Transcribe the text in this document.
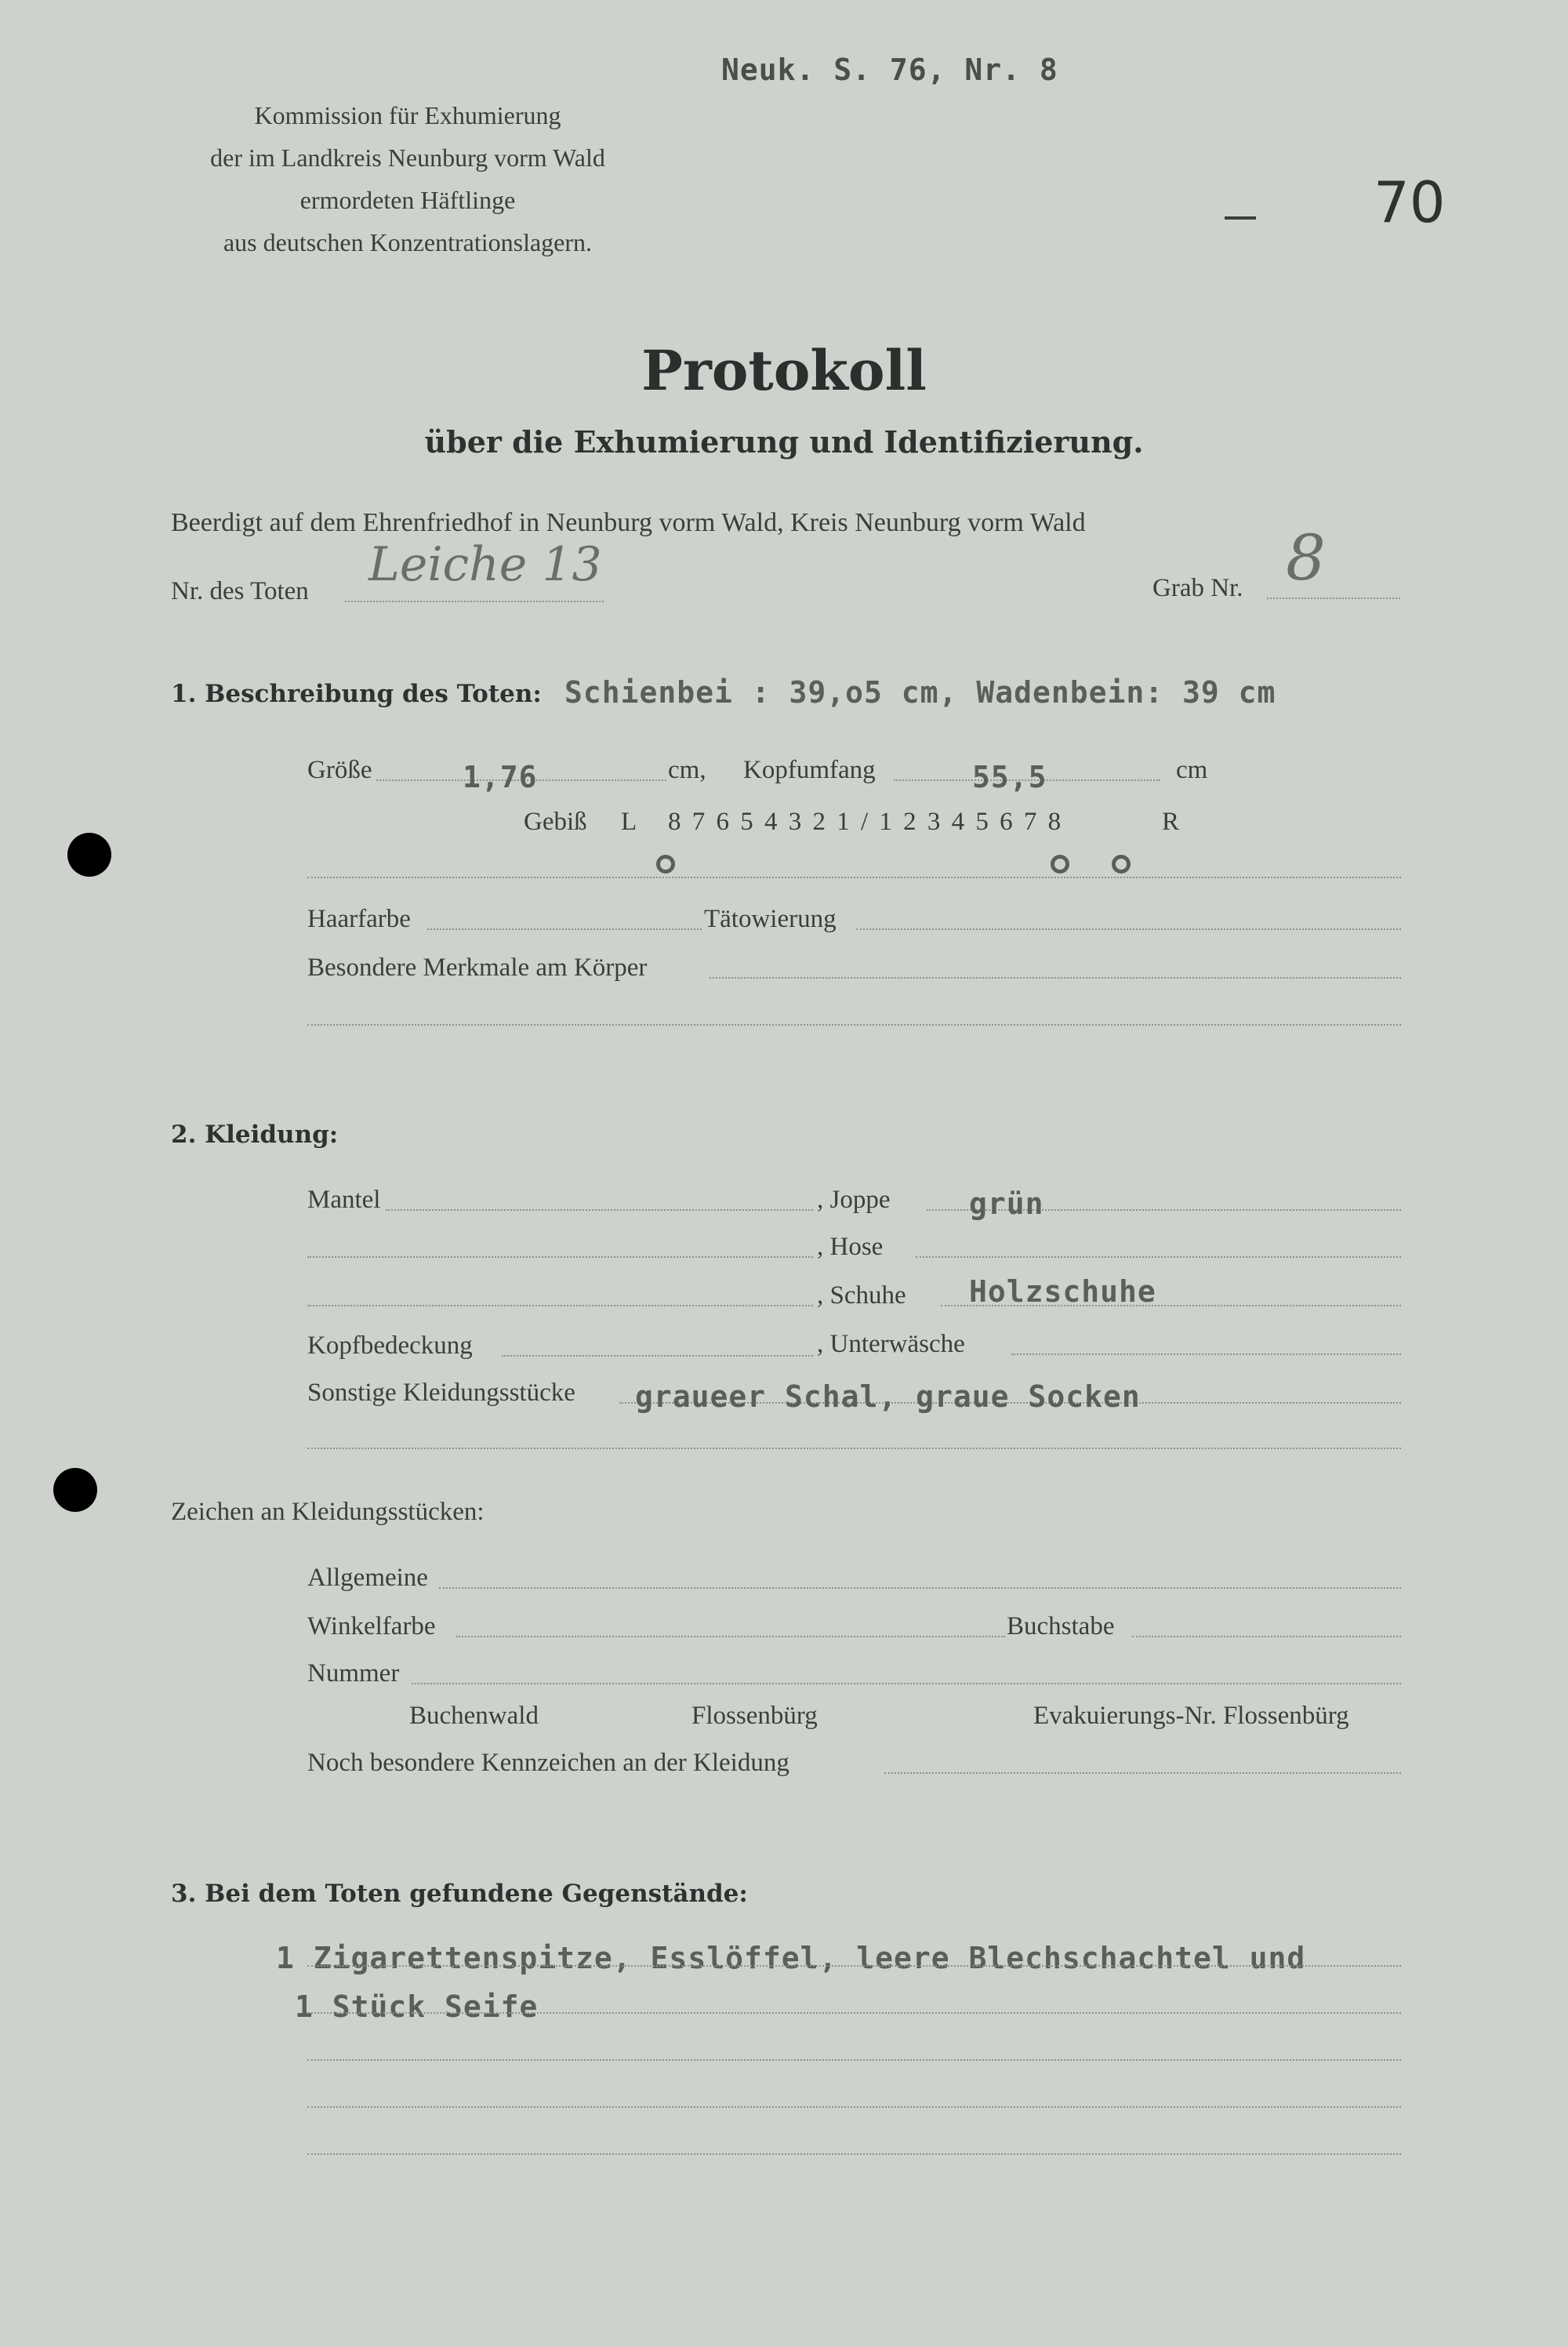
Neuk. S. 76, Nr. 8
Kommission für Exhumierung
der im Landkreis Neunburg vorm Wald
ermordeten Häftlinge
aus deutschen Konzentrationslagern.
70
Protokoll
über die Exhumierung und Identifizierung.
Beerdigt auf dem Ehrenfriedhof in Neunburg vorm Wald, Kreis Neunburg vorm Wald
Nr. des Toten Leiche 13	Grab Nr. 8
1. Beschreibung des Toten: Schienbei : 39,o5 cm, Wadenbein: 39 cm
Größe	1,76	cm, Kopfumfang	55,5	cm
Gebiß L 8 7 6 5 4 3 2 1 / 1 2 3 4 5 6 7 8	R
Haarfarbe	Tätowierung
Besondere Merkmale am Körper
2. Kleidung:
Mantel	, Joppe	grün
, Hose
, Schuhe Holzschuhe
Kopfbedeckung	, Unterwäsche
Sonstige Kleidungsstücke graueer Schal, graue Socken
Zeichen an Kleidungsstücken:
Allgemeine
Winkelfarbe	Buchstabe
Nummer
Buchenwald	Flossenbürg	Evakuierungs-Nr. Flossenbürg
Noch besondere Kennzeichen an der Kleidung
3. Bei dem Toten gefundene Gegenstände:
1 Zigarettenspitze, Esslöffel, leere Blechschachtel und
1 Stück Seife
